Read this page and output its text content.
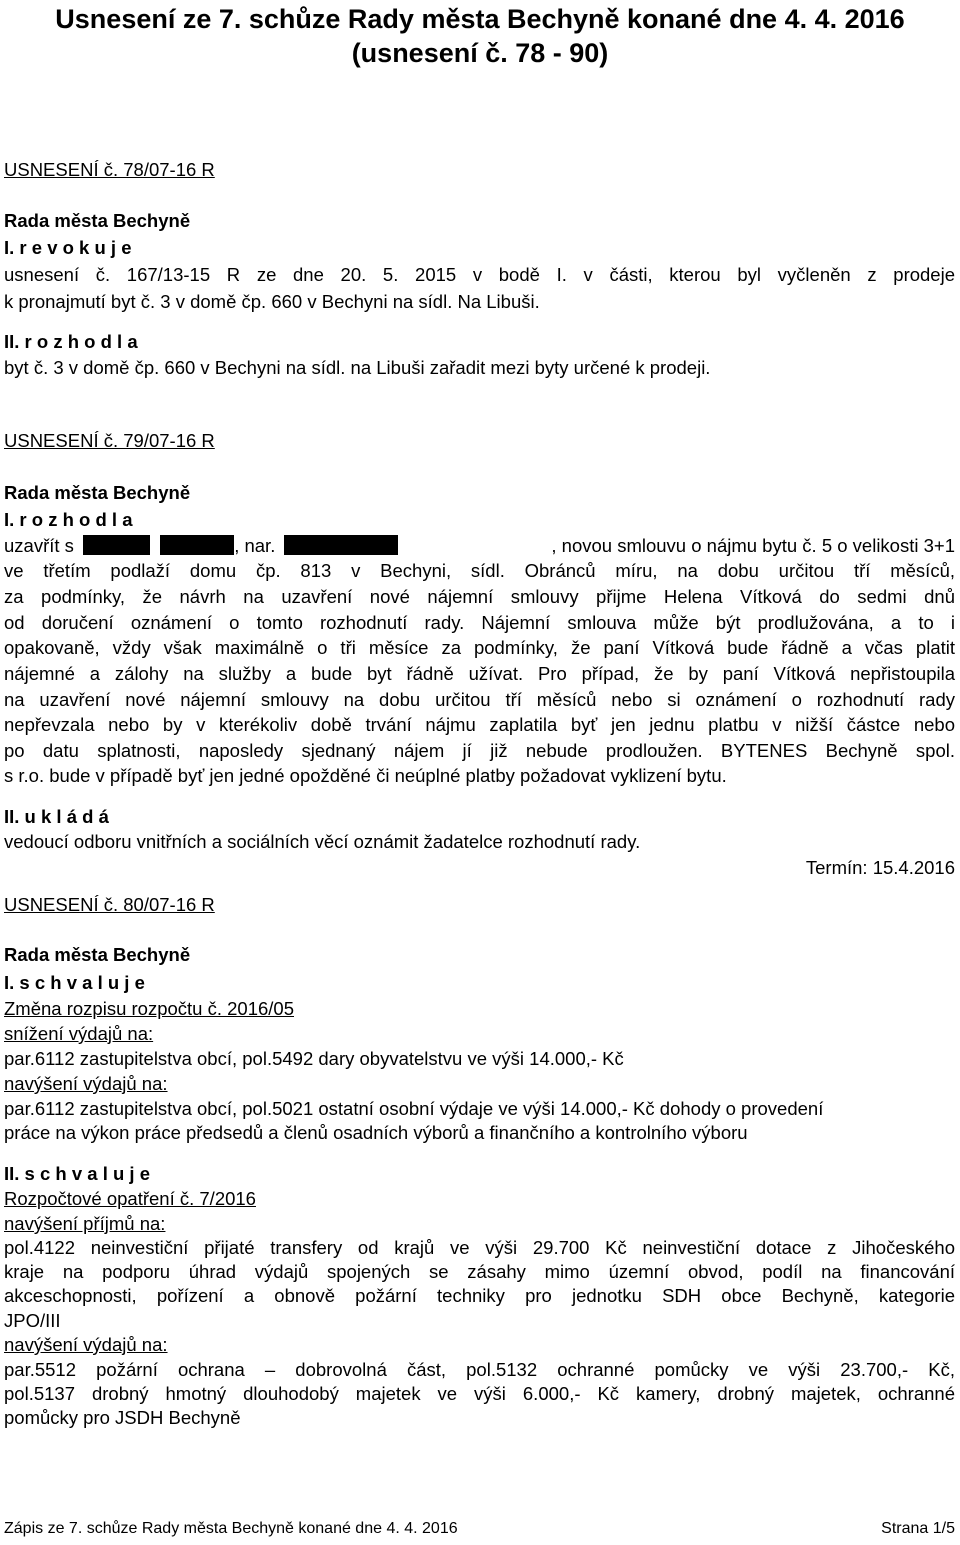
Usnesení ze 7. schůze Rady města Bechyně konané dne 4. 4. 2016
(usnesení č. 78 - 90)
USNESENÍ č. 78/07-16 R
Rada města Bechyně
I. r e v o k u j e
usnesení č. 167/13-15 R ze dne 20. 5. 2015 v bodě I. v části, kterou byl vyčleněn z prodeje
k pronajmutí byt č. 3 v domě čp. 660 v Bechyni na sídl. Na Libuši.
II. r o z h o d l a
byt č. 3 v domě čp. 660 v Bechyni na sídl. na Libuši zařadit mezi byty určené k prodeji.
USNESENÍ č. 79/07-16 R
Rada města Bechyně
I. r o z h o d l a
uzavřít s	, nar.	, novou smlouvu o nájmu bytu č. 5 o velikosti 3+1
ve třetím podlaží domu čp. 813 v Bechyni, sídl. Obránců míru, na dobu určitou tří měsíců,
za podmínky, že návrh na uzavření nové nájemní smlouvy přijme Helena Vítková do sedmi dnů
od doručení oznámení o tomto rozhodnutí rady. Nájemní smlouva může být prodlužována, a to i
opakovaně, vždy však maximálně o tři měsíce za podmínky, že paní Vítková bude řádně a včas platit
nájemné a zálohy na služby a bude byt řádně užívat. Pro případ, že by paní Vítková nepřistoupila
na uzavření nové nájemní smlouvy na dobu určitou tří měsíců nebo si oznámení o rozhodnutí rady
nepřevzala nebo by v kterékoliv době trvání nájmu zaplatila byť jen jednu platbu v nižší částce nebo
po datu splatnosti, naposledy sjednaný nájem jí již nebude prodloužen. BYTENES Bechyně spol.
s r.o. bude v případě byť jen jedné opožděné či neúplné platby požadovat vyklizení bytu.
II. u k l á d á
vedoucí odboru vnitřních a sociálních věcí oznámit žadatelce rozhodnutí rady.
Termín: 15.4.2016
USNESENÍ č. 80/07-16 R
Rada města Bechyně
I. s c h v a l u j e
Změna rozpisu rozpočtu č. 2016/05
snížení výdajů na:
par.6112 zastupitelstva obcí, pol.5492 dary obyvatelstvu ve výši 14.000,- Kč
navýšení výdajů na:
par.6112 zastupitelstva obcí, pol.5021 ostatní osobní výdaje ve výši 14.000,- Kč dohody o provedení
práce na výkon práce předsedů a členů osadních výborů a finančního a kontrolního výboru
II. s c h v a l u j e
Rozpočtové opatření č. 7/2016
navýšení příjmů na:
pol.4122 neinvestiční přijaté transfery od krajů ve výši 29.700 Kč neinvestiční dotace z Jihočeského
kraje na podporu úhrad výdajů spojených se zásahy mimo územní obvod, podíl na financování
akceschopnosti, pořízení a obnově požární techniky pro jednotku SDH obce Bechyně, kategorie
JPO/III
navýšení výdajů na:
par.5512 požární ochrana – dobrovolná část, pol.5132 ochranné pomůcky ve výši 23.700,- Kč,
pol.5137 drobný hmotný dlouhodobý majetek ve výši 6.000,- Kč kamery, drobný majetek, ochranné
pomůcky pro JSDH Bechyně
Zápis ze 7. schůze Rady města Bechyně konané dne 4. 4. 2016	Strana 1/5
